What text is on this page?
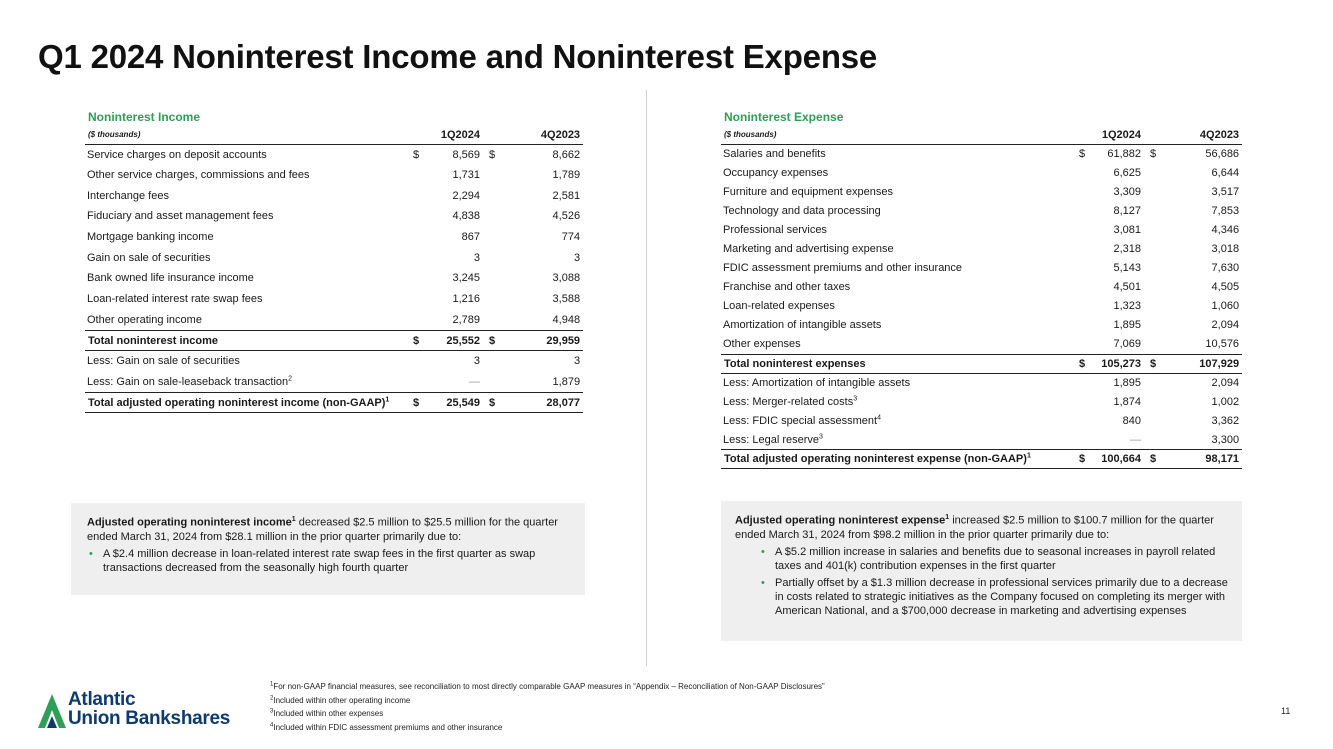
Q1 2024 Noninterest Income and Noninterest Expense
Noninterest Income				
($ thousands)	1Q2024		4Q2023	
Service charges on deposit accounts	$	8,569	$	8,662
Other service charges, commissions and fees		1,731		1,789
Interchange fees		2,294		2,581
Fiduciary and asset management fees		4,838		4,526
Mortgage banking income		867		774
Gain on sale of securities		3		3
Bank owned life insurance income		3,245		3,088
Loan-related interest rate swap fees		1,216		3,588
Other operating income		2,789		4,948
Total noninterest income	$	25,552	$	29,959
Less: Gain on sale of securities		3		3
Less: Gain on sale-leaseback transaction$^2$		—		1,879
Total adjusted operating noninterest income (non-GAAP)$^1$	$	25,549	$	28,077
Noninterest Expense				
($ thousands)	1Q2024		4Q2023	
Salaries and benefits	$	61,882	$	56,686
Occupancy expenses		6,625		6,644
Furniture and equipment expenses		3,309		3,517
Technology and data processing		8,127		7,853
Professional services		3,081		4,346
Marketing and advertising expense		2,318		3,018
FDIC assessment premiums and other insurance		5,143		7,630
Franchise and other taxes		4,501		4,505
Loan-related expenses		1,323		1,060
Amortization of intangible assets		1,895		2,094
Other expenses		7,069		10,576
Total noninterest expenses	$	105,273	$	107,929
Less: Amortization of intangible assets		1,895		2,094
Less: Merger-related costs$^3$		1,874		1,002
Less: FDIC special assessment$^4$		840		3,362
Less: Legal reserve$^3$		—		3,300
Total adjusted operating noninterest expense (non-GAAP)$^1$	$	100,664	$	98,171
Adjusted operating noninterest income$^1$ decreased $2.5 million to $25.5 million for the quarter ended March 31, 2024 from $28.1 million in the prior quarter primarily due to:
• A $2.4 million decrease in loan-related interest rate swap fees in the first quarter as swap transactions decreased from the seasonally high fourth quarter
Adjusted operating noninterest expense$^1$ increased $2.5 million to $100.7 million for the quarter ended March 31, 2024 from $98.2 million in the prior quarter primarily due to:
• A $5.2 million increase in salaries and benefits due to seasonal increases in payroll related taxes and 401(k) contribution expenses in the first quarter
• Partially offset by a $1.3 million decrease in professional services primarily due to a decrease in costs related to strategic initiatives as the Company focused on completing its merger with American National, and a $700,000 decrease in marketing and advertising expenses
Atlantic
Union Bankshares
$^1$For non-GAAP financial measures, see reconciliation to most directly comparable GAAP measures in “Appendix – Reconciliation of Non-GAAP Disclosures”
$^2$Included within other operating income
$^3$Included within other expenses
$^4$Included within FDIC assessment premiums and other insurance
11
